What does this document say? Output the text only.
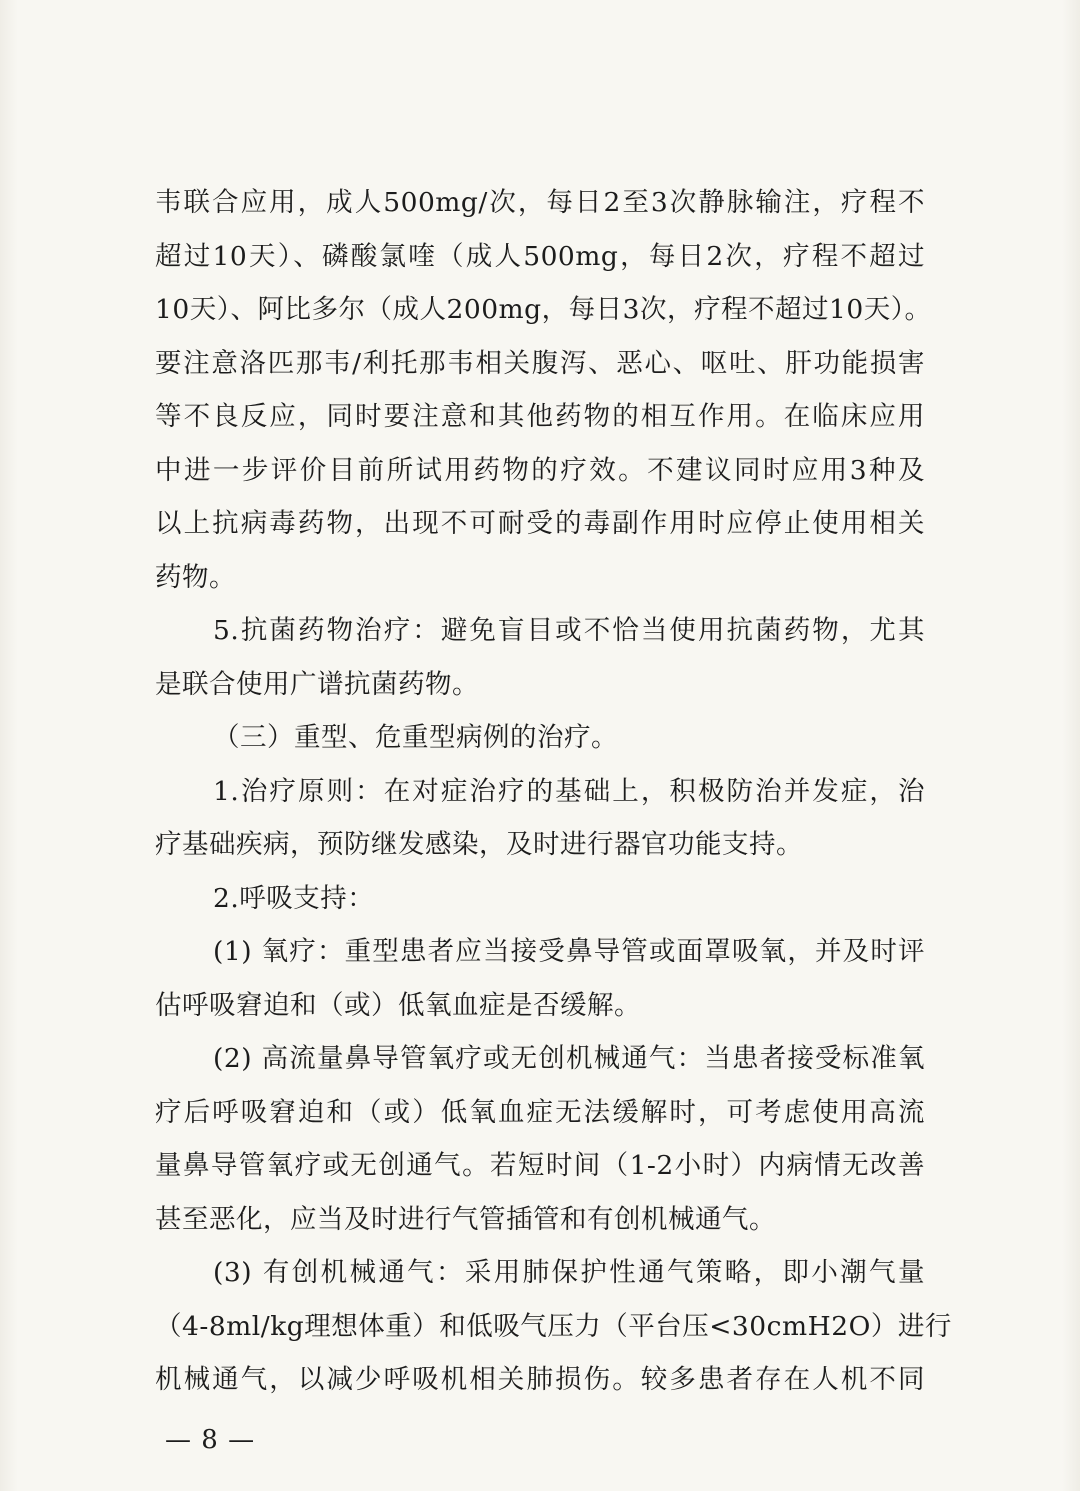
韦联合应用，成人500mg/次，每日2至3次静脉输注，疗程不
超过10天）、磷酸氯喹（成人500mg，每日2次，疗程不超过
10天）、阿比多尔（成人200mg，每日3次，疗程不超过10天）。
要注意洛匹那韦/利托那韦相关腹泻、恶心、呕吐、肝功能损害
等不良反应，同时要注意和其他药物的相互作用。在临床应用
中进一步评价目前所试用药物的疗效。不建议同时应用3种及
以上抗病毒药物，出现不可耐受的毒副作用时应停止使用相关
药物。
5.抗菌药物治疗：避免盲目或不恰当使用抗菌药物，尤其
是联合使用广谱抗菌药物。
（三）重型、危重型病例的治疗。
1.治疗原则：在对症治疗的基础上，积极防治并发症，治
疗基础疾病，预防继发感染，及时进行器官功能支持。
2.呼吸支持：
(1) 氧疗：重型患者应当接受鼻导管或面罩吸氧，并及时评
估呼吸窘迫和（或）低氧血症是否缓解。
(2) 高流量鼻导管氧疗或无创机械通气：当患者接受标准氧
疗后呼吸窘迫和（或）低氧血症无法缓解时，可考虑使用高流
量鼻导管氧疗或无创通气。若短时间（1-2小时）内病情无改善
甚至恶化，应当及时进行气管插管和有创机械通气。
(3) 有创机械通气：采用肺保护性通气策略，即小潮气量
（4-8ml/kg理想体重）和低吸气压力（平台压<30cmH2O）进行
机械通气，以减少呼吸机相关肺损伤。较多患者存在人机不同
— 8 —
